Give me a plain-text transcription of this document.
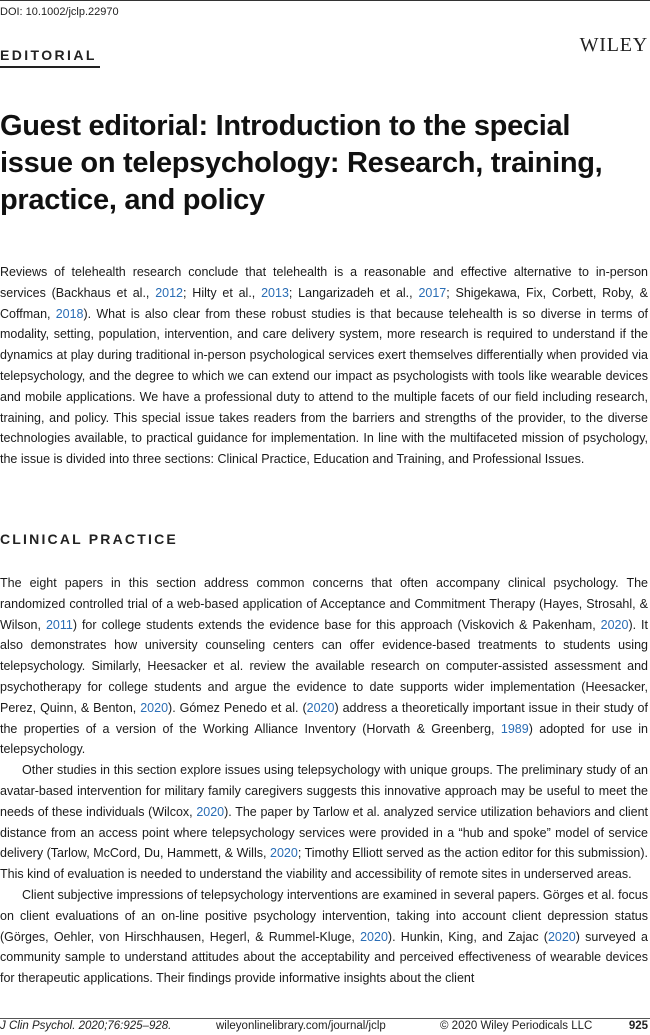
DOI: 10.1002/jclp.22970
EDITORIAL	WILEY
Guest editorial: Introduction to the special issue on telepsychology: Research, training, practice, and policy

Reviews of telehealth research conclude that telehealth is a reasonable and effective alternative to in-person services (Backhaus et al., 2012; Hilty et al., 2013; Langarizadeh et al., 2017; Shigekawa, Fix, Corbett, Roby, & Coffman, 2018). What is also clear from these robust studies is that because telehealth is so diverse in terms of modality, setting, population, intervention, and care delivery system, more research is required to understand if the dynamics at play during traditional in-person psychological services exert themselves differentially when provided via telepsychology, and the degree to which we can extend our impact as psychologists with tools like wearable devices and mobile applications. We have a professional duty to attend to the multiple facets of our field including research, training, and policy. This special issue takes readers from the barriers and strengths of the provider, to the diverse technologies available, to practical guidance for implementation. In line with the multifaceted mission of psychology, the issue is divided into three sections: Clinical Practice, Education and Training, and Professional Issues.

CLINICAL PRACTICE

The eight papers in this section address common concerns that often accompany clinical psychology. The randomized controlled trial of a web-based application of Acceptance and Commitment Therapy (Hayes, Strosahl, & Wilson, 2011) for college students extends the evidence base for this approach (Viskovich & Pakenham, 2020). It also demonstrates how university counseling centers can offer evidence-based treatments to students using telepsychology. Similarly, Heesacker et al. review the available research on computer-assisted assessment and psychotherapy for college students and argue the evidence to date supports wider implementation (Heesacker, Perez, Quinn, & Benton, 2020). Gómez Penedo et al. (2020) address a theoretically important issue in their study of the properties of a version of the Working Alliance Inventory (Horvath & Greenberg, 1989) adopted for use in telepsychology.

Other studies in this section explore issues using telepsychology with unique groups. The preliminary study of an avatar-based intervention for military family caregivers suggests this innovative approach may be useful to meet the needs of these individuals (Wilcox, 2020). The paper by Tarlow et al. analyzed service utilization behaviors and client distance from an access point where telepsychology services were provided in a “hub and spoke” model of service delivery (Tarlow, McCord, Du, Hammett, & Wills, 2020; Timothy Elliott served as the action editor for this submission). This kind of evaluation is needed to understand the viability and accessibility of remote sites in underserved areas.

Client subjective impressions of telepsychology interventions are examined in several papers. Görges et al. focus on client evaluations of an on-line positive psychology intervention, taking into account client depression status (Görges, Oehler, von Hirschhausen, Hegerl, & Rummel-Kluge, 2020). Hunkin, King, and Zajac (2020) surveyed a community sample to understand attitudes about the acceptability and perceived effectiveness of wearable devices for therapeutic applications. Their findings provide informative insights about the client

J Clin Psychol. 2020;76:925–928.	wileyonlinelibrary.com/journal/jclp	© 2020 Wiley Periodicals LLC	925
